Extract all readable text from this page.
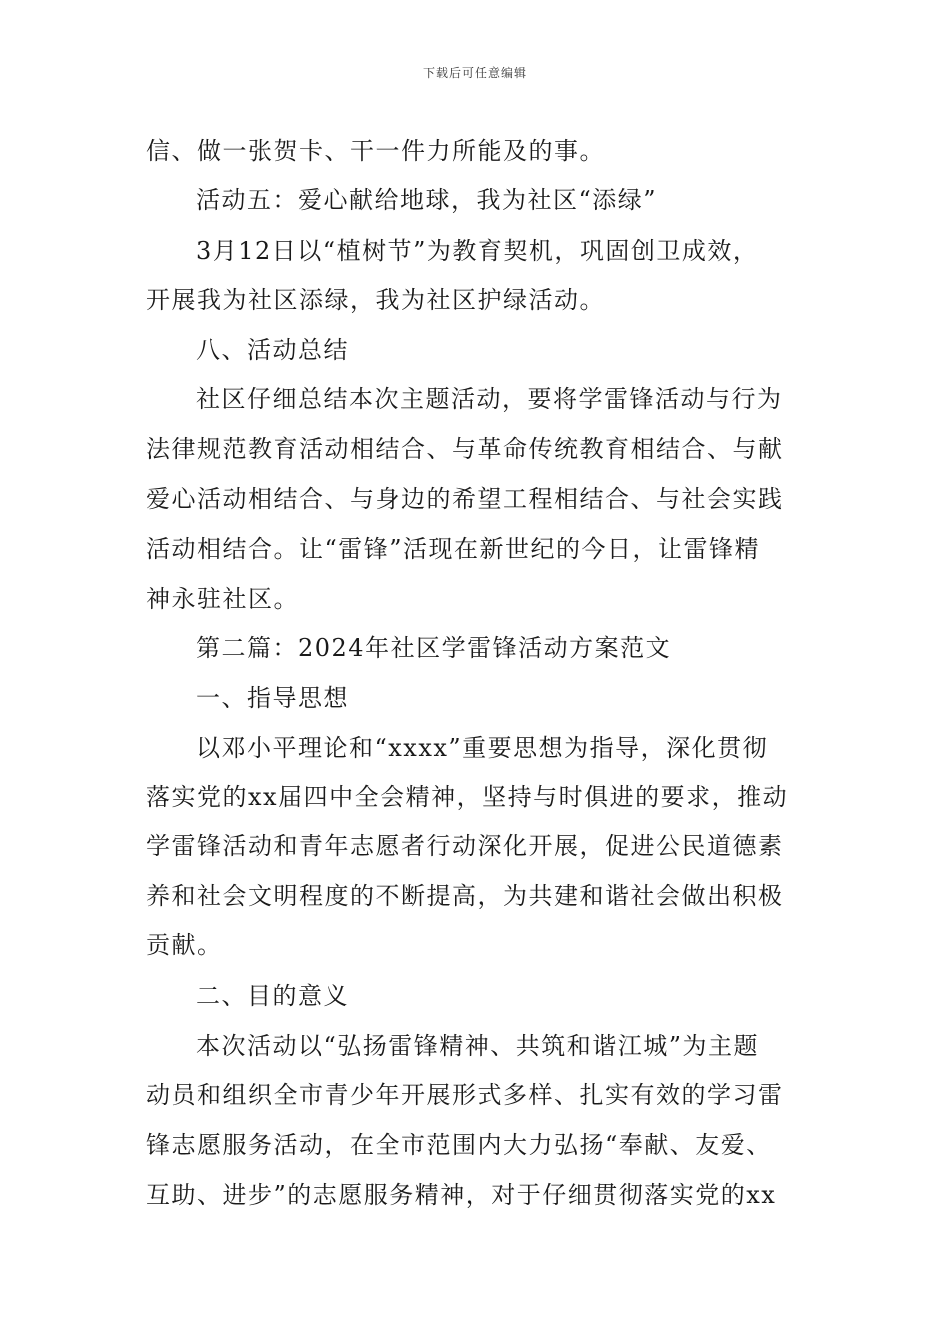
下载后可任意编辑
信、做一张贺卡、干一件力所能及的事。
活动五：爱心献给地球，我为社区“添绿”
3月12日以“植树节”为教育契机，巩固创卫成效，
开展我为社区添绿，我为社区护绿活动。
八、活动总结
社区仔细总结本次主题活动，要将学雷锋活动与行为
法律规范教育活动相结合、与革命传统教育相结合、与献
爱心活动相结合、与身边的希望工程相结合、与社会实践
活动相结合。让“雷锋”活现在新世纪的今日，让雷锋精
神永驻社区。
第二篇：2024年社区学雷锋活动方案范文
一、指导思想
以邓小平理论和“xxxx”重要思想为指导，深化贯彻
落实党的xx届四中全会精神，坚持与时俱进的要求，推动
学雷锋活动和青年志愿者行动深化开展，促进公民道德素
养和社会文明程度的不断提高，为共建和谐社会做出积极
贡献。
二、目的意义
本次活动以“弘扬雷锋精神、共筑和谐江城”为主题
动员和组织全市青少年开展形式多样、扎实有效的学习雷
锋志愿服务活动，在全市范围内大力弘扬“奉献、友爱、
互助、进步”的志愿服务精神，对于仔细贯彻落实党的xx
